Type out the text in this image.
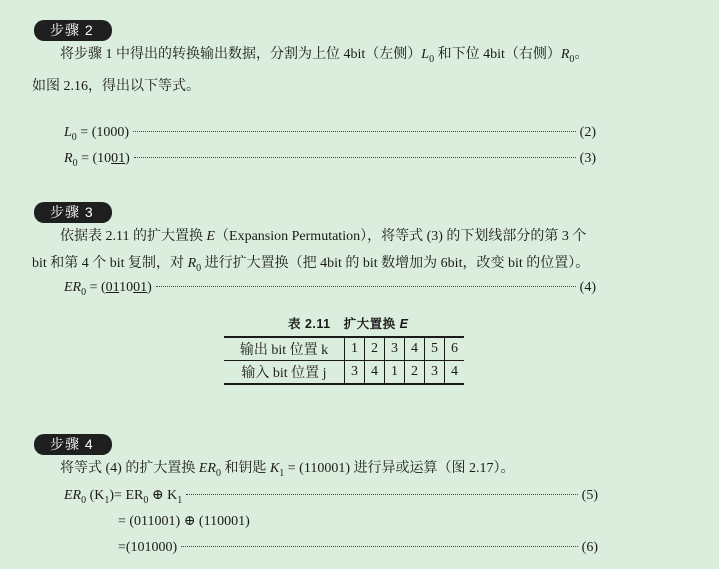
步骤 2
将步骤 1 中得出的转换输出数据，分割为上位 4bit（左侧）$L_0$ 和下位 4bit（右侧）$R_0$。
如图 2.16，得出以下等式。
$L_0 = (1000)$	(2)
$R_0 = (1001)$	(3)
步骤 3
依据表 2.11 的扩大置换 E（Expansion Permutation），将等式 (3) 的下划线部分的第 3 个
bit 和第 4 个 bit 复制，对 $R_0$ 进行扩大置换（把 4bit 的 bit 数增加为 6bit，改变 bit 的位置）。
$ER_0 = (011001)$	(4)
表 2.11　扩大置换 E
输出 bit 位置 k	1	2	3	4	5	6
输入 bit 位置 j	3	4	1	2	3	4
步骤 4
将等式 (4) 的扩大置换 $ER_0$ 和钥匙 $K_1 = (110001)$ 进行异或运算（图 2.17）。
$ER_0$ $(K_1)= ER_0$ ⊕ $K_1$	(5)
= (011001) ⊕ (110001)
=(101000)	(6)
